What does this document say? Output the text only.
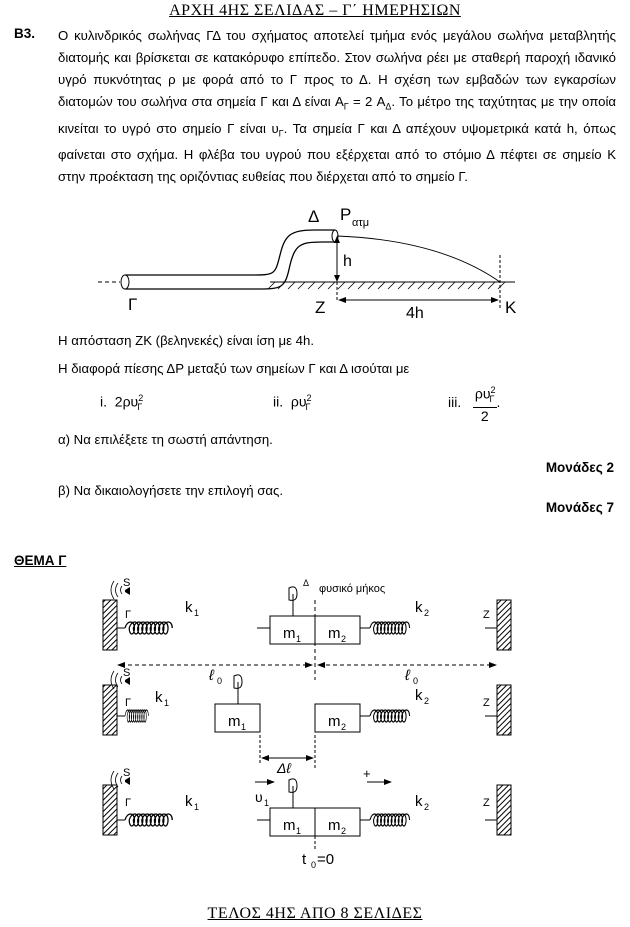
ΑΡΧΗ 4ΗΣ ΣΕΛΙΔΑΣ – Γ΄ ΗΜΕΡΗΣΙΩΝ
Β3. Ο κυλινδρικός σωλήνας ΓΔ του σχήματος αποτελεί τμήμα ενός μεγάλου σωλήνα μεταβλητής διατομής και βρίσκεται σε κατακόρυφο επίπεδο. Στον σωλήνα ρέει με σταθερή παροχή ιδανικό υγρό πυκνότητας ρ με φορά από το Γ προς το Δ. Η σχέση των εμβαδών των εγκαρσίων διατομών του σωλήνα στα σημεία Γ και Δ είναι $A_\Gamma = 2$ $A_\Delta$. Το μέτρο της ταχύτητας με την οποία κινείται το υγρό στο σημείο Γ είναι $\upsilon_\Gamma$. Τα σημεία Γ και Δ απέχουν υψομετρικά κατά h, όπως φαίνεται στο σχήμα. Η φλέβα του υγρού που εξέρχεται από το στόμιο Δ πέφτει σε σημείο Κ στην προέκταση της οριζόντιας ευθείας που διέρχεται από το σημείο Γ.

Δ P ατμ
h
Γ	Z	K
4h
Η απόσταση ΖΚ (βεληνεκές) είναι ίση με 4h.
Η διαφορά πίεσης ΔP μεταξύ των σημείων Γ και Δ ισούται με
i. $2\rho\upsilon^2_\Gamma$	ii. $\rho\upsilon^2_\Gamma$	iii. $\frac{\rho\upsilon^2_\Gamma}{2}$ .
α) Να επιλέξετε τη σωστή απάντηση.
Μονάδες 2
β) Να δικαιολογήσετε την επιλογή σας.
Μονάδες 7
ΘΕΜΑ Γ
S
Γ	Z
Δ φυσικό μήκος
k 1	k 2
m 1 m 2
ℓ 0	ℓ 0
S
Γ	Z
k 1	k 2
m 1	m 2
Δℓ
S
Γ	Z
υ 1
+
k 1	k 2
m 1 m 2
t 0 =0
ΤΕΛΟΣ 4ΗΣ ΑΠΟ 8 ΣΕΛΙΔΕΣ
